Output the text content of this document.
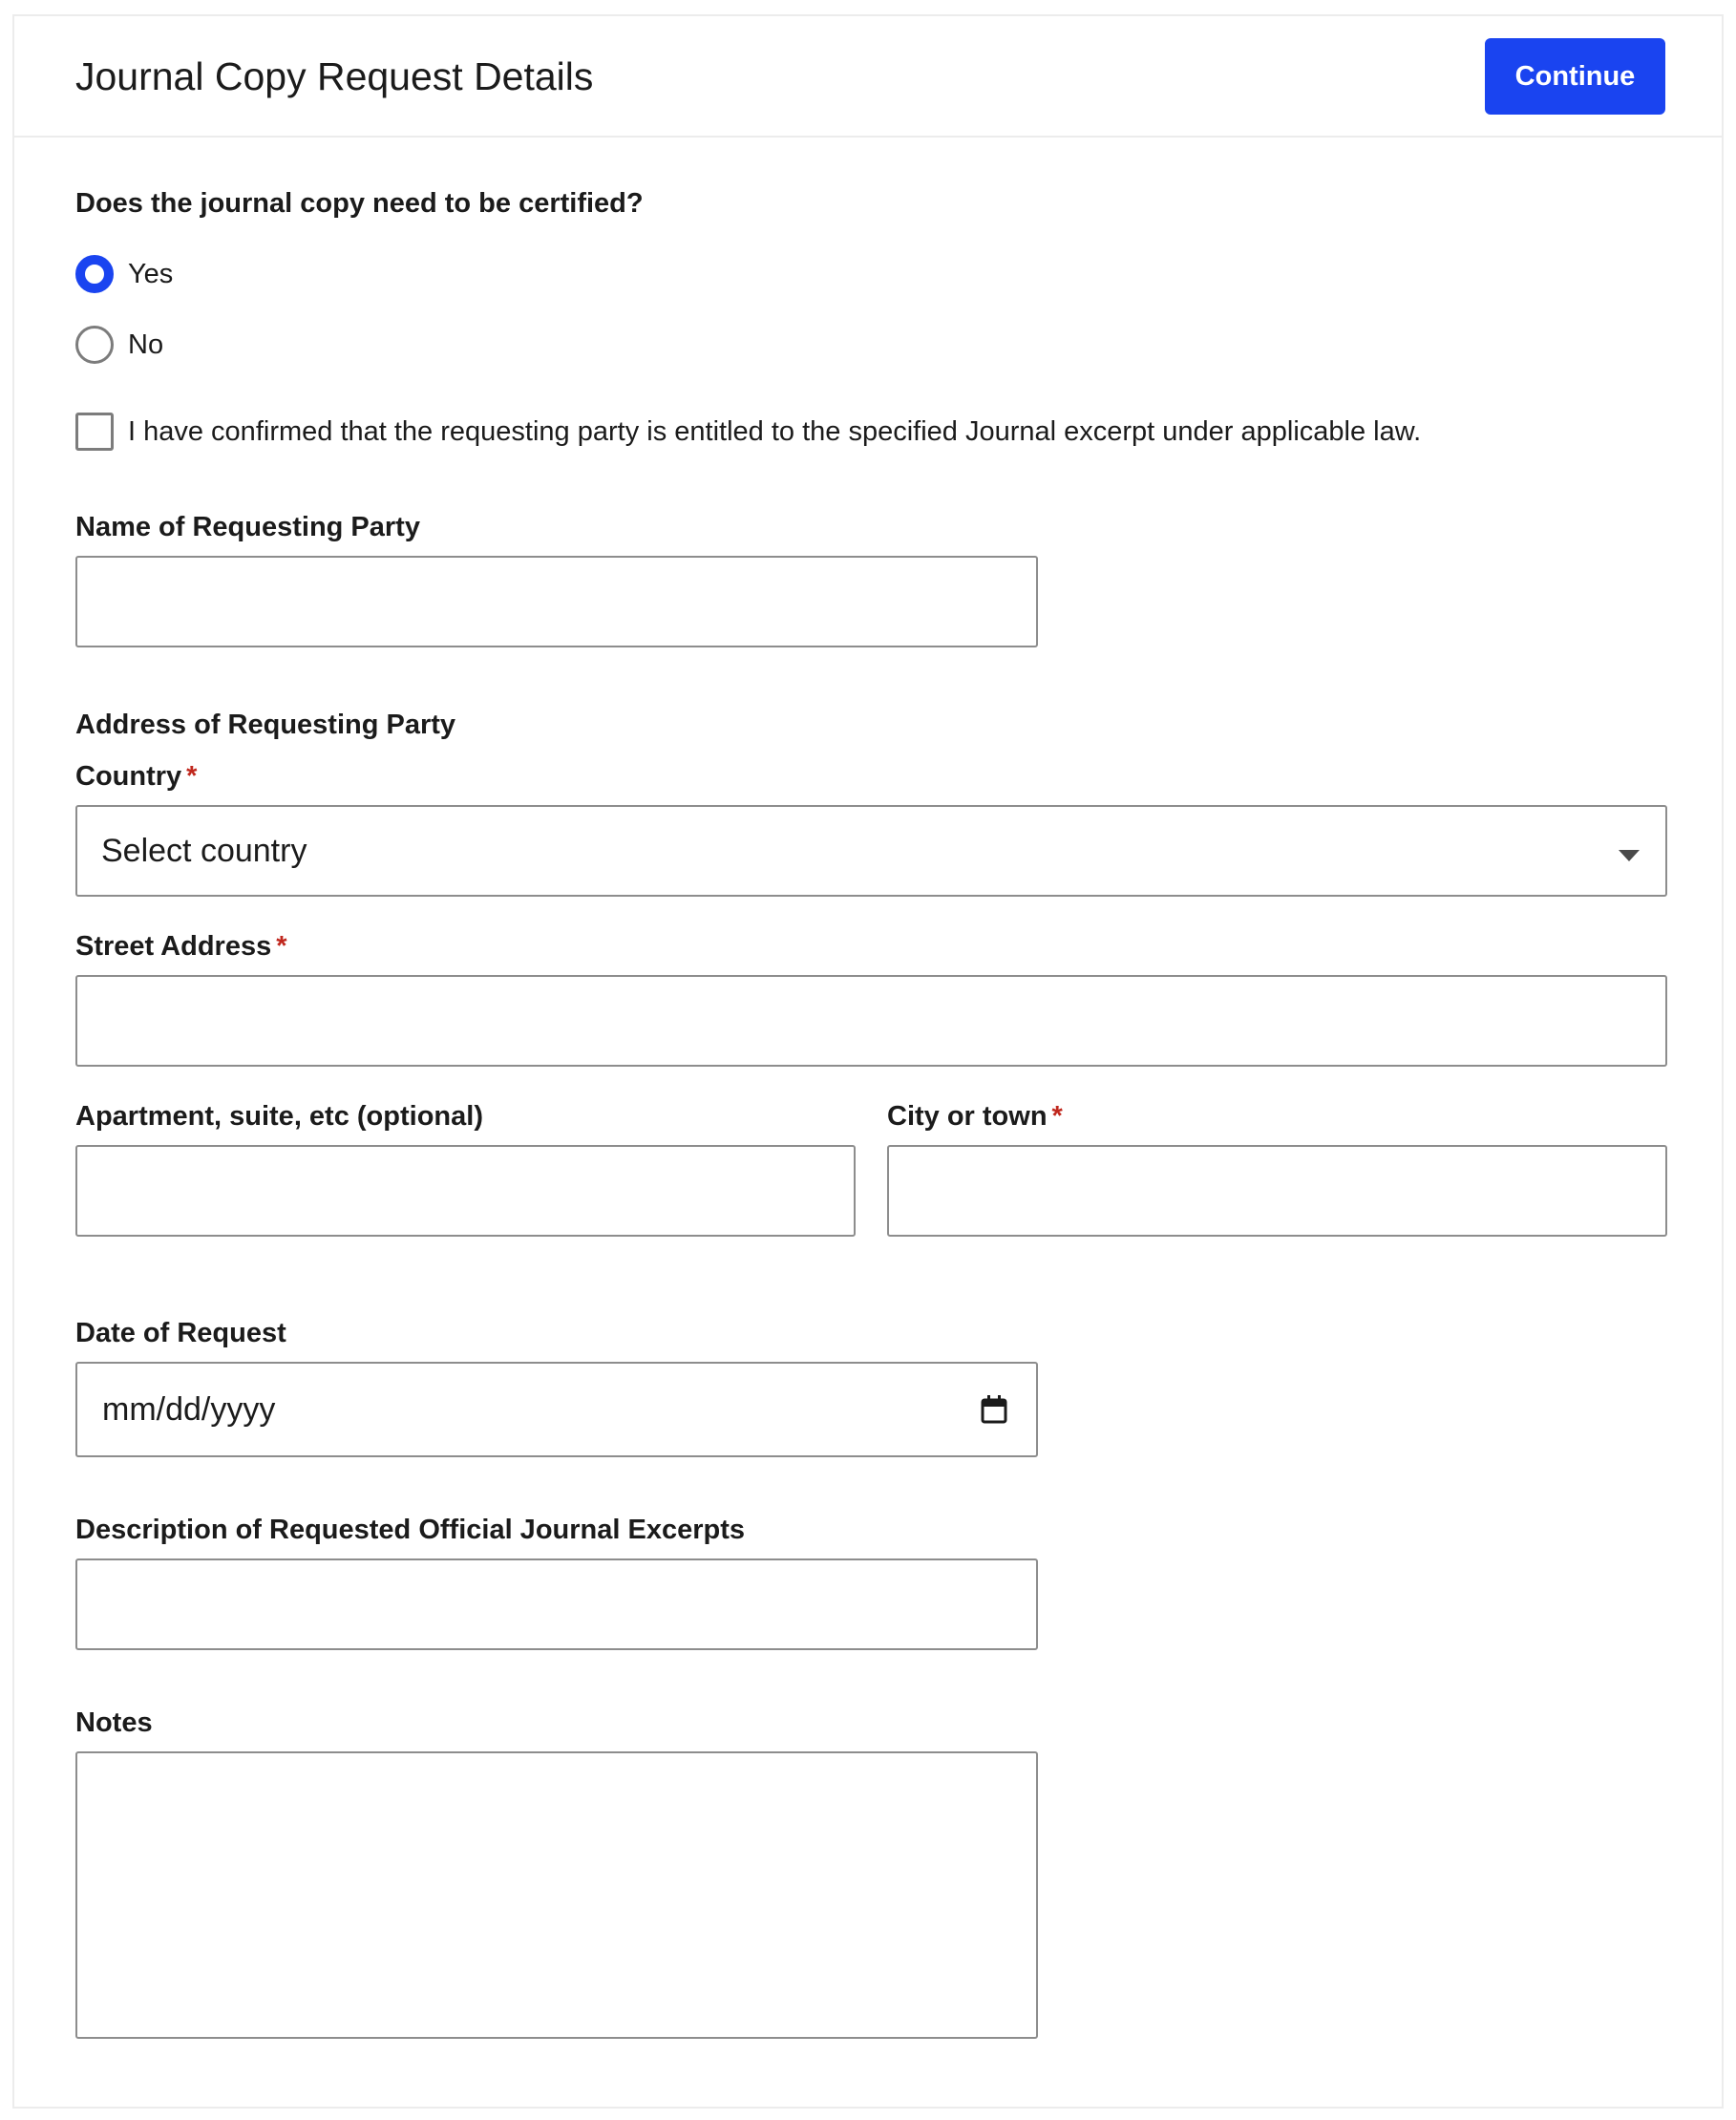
Journal Copy Request Details	Continue
Does the journal copy need to be certified?
Yes
No
I have confirmed that the requesting party is entitled to the specified Journal excerpt under applicable law.
Name of Requesting Party
Address of Requesting Party
Country *
Select country
Street Address *
Apartment, suite, etc (optional)	City or town *
Date of Request
mm/dd/yyyy
Description of Requested Official Journal Excerpts
Notes
